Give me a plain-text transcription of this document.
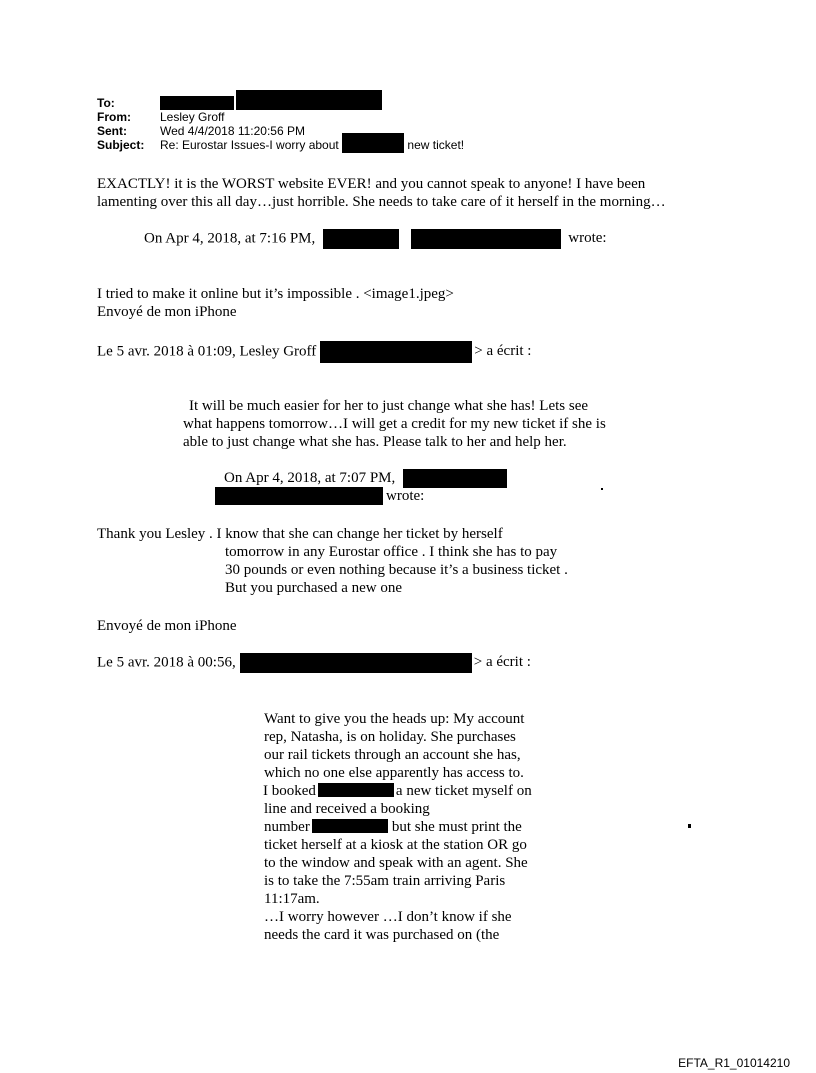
To:
From: Lesley Groff
Sent:	Wed 4/4/2018 11:20:56 PM
Subject: Re: Eurostar Issues-I worry about	new ticket!
EXACTLY! it is the WORST website EVER! and you cannot speak to anyone! I have been
lamenting over this all day…just horrible. She needs to take care of it herself in the morning…
On Apr 4, 2018, at 7:16 PM,	wrote:
I tried to make it online but it’s impossible . <image1.jpeg>
Envoyé de mon iPhone
Le 5 avr. 2018 à 01:09, Lesley Groff	> a écrit :
It will be much easier for her to just change what she has! Lets see
what happens tomorrow…I will get a credit for my new ticket if she is
able to just change what she has. Please talk to her and help her.
On Apr 4, 2018, at 7:07 PM,
wrote:
Thank you Lesley . I know that she can change her ticket by herself
tomorrow in any Eurostar office . I think she has to pay
30 pounds or even nothing because it’s a business ticket .
But you purchased a new one
Envoyé de mon iPhone
Le 5 avr. 2018 à 00:56,	> a écrit :
Want to give you the heads up: My account
rep, Natasha, is on holiday. She purchases
our rail tickets through an account she has,
which no one else apparently has access to.
I booked	a new ticket myself on
line and received a booking
number	but she must print the
ticket herself at a kiosk at the station OR go
to the window and speak with an agent. She
is to take the 7:55am train arriving Paris
11:17am.
…I worry however …I don’t know if she
needs the card it was purchased on (the
EFTA_R1_01014210
